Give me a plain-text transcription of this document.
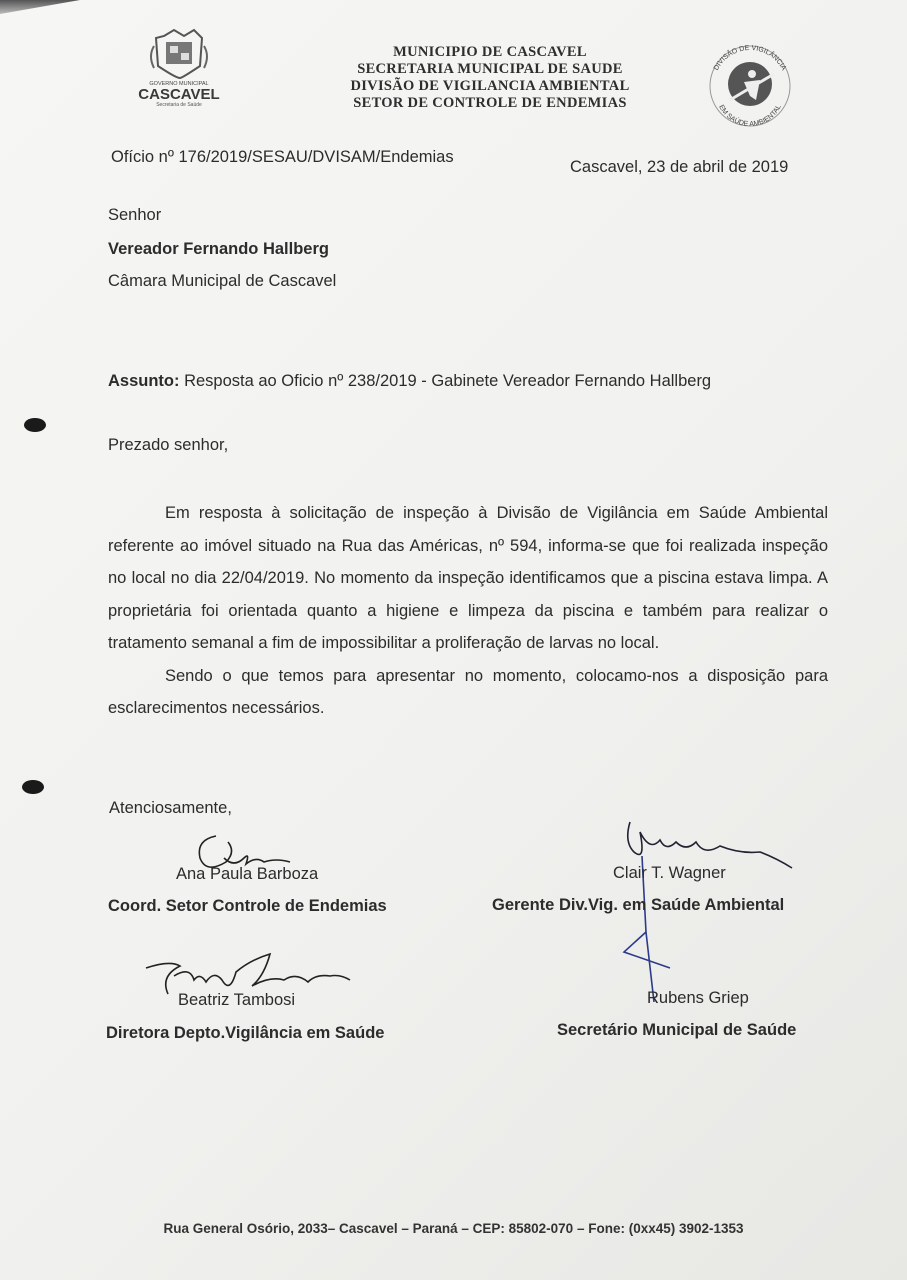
GOVERNO MUNICIPAL
CASCAVEL
Secretaria de Saúde
MUNICIPIO DE CASCAVEL
SECRETARIA MUNICIPAL DE SAUDE
DIVISÃO DE VIGILANCIA AMBIENTAL
SETOR DE CONTROLE DE ENDEMIAS
DIVISÃO DE VIGILÂNCIA
EM SAÚDE AMBIENTAL
Ofício nº 176/2019/SESAU/DVISAM/Endemias
Cascavel, 23 de abril de 2019
Senhor
Vereador Fernando Hallberg
Câmara Municipal de Cascavel
Assunto: Resposta ao Oficio nº 238/2019 - Gabinete Vereador Fernando Hallberg
Prezado senhor,

Em resposta à solicitação de inspeção à Divisão de Vigilância em Saúde Ambiental referente ao imóvel situado na Rua das Américas, nº 594, informa-se que foi realizada inspeção no local no dia 22/04/2019. No momento da inspeção identificamos que a piscina estava limpa. A proprietária foi orientada quanto a higiene e limpeza da piscina e também para realizar o tratamento semanal a fim de impossibilitar a proliferação de larvas no local.

Sendo o que temos para apresentar no momento, colocamo-nos a disposição para esclarecimentos necessários.

Atenciosamente,
Ana Paula Barboza
Coord. Setor Controle de Endemias
Clair T. Wagner
Gerente Div.Vig. em Saúde Ambiental
Beatriz Tambosi
Diretora Depto.Vigilância em Saúde
Rubens Griep
Secretário Municipal de Saúde
Rua General Osório, 2033– Cascavel – Paraná – CEP: 85802-070 – Fone: (0xx45) 3902-1353
